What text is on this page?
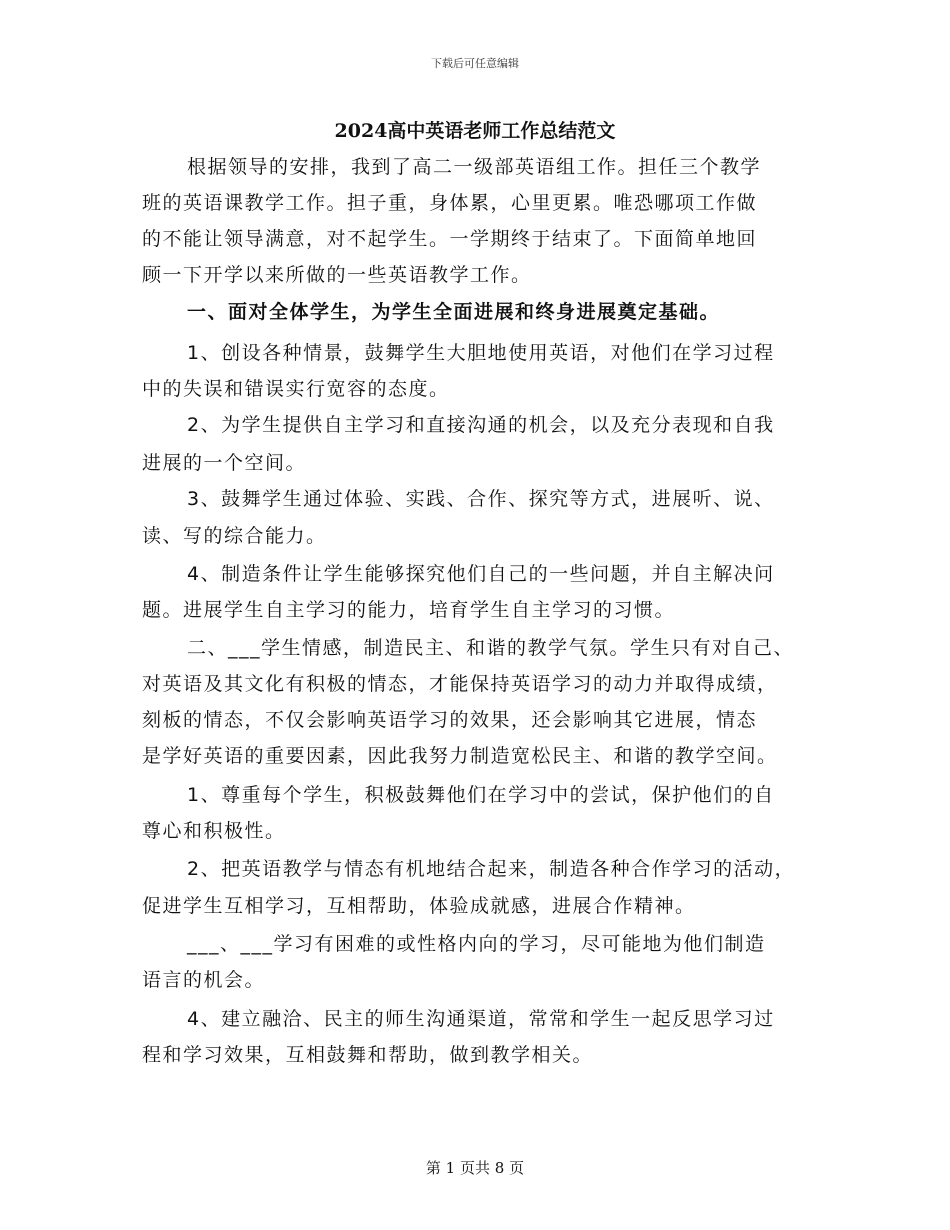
下载后可任意编辑
2024高中英语老师工作总结范文
根据领导的安排，我到了高二一级部英语组工作。担任三个教学
班的英语课教学工作。担子重，身体累，心里更累。唯恐哪项工作做
的不能让领导满意，对不起学生。一学期终于结束了。下面简单地回
顾一下开学以来所做的一些英语教学工作。
一、面对全体学生，为学生全面进展和终身进展奠定基础。
1、创设各种情景，鼓舞学生大胆地使用英语，对他们在学习过程
中的失误和错误实行宽容的态度。
2、为学生提供自主学习和直接沟通的机会，以及充分表现和自我
进展的一个空间。
3、鼓舞学生通过体验、实践、合作、探究等方式，进展听、说、
读、写的综合能力。
4、制造条件让学生能够探究他们自己的一些问题，并自主解决问
题。进展学生自主学习的能力，培育学生自主学习的习惯。
二、___学生情感，制造民主、和谐的教学气氛。学生只有对自己、
对英语及其文化有积极的情态，才能保持英语学习的动力并取得成绩，
刻板的情态，不仅会影响英语学习的效果，还会影响其它进展，情态
是学好英语的重要因素，因此我努力制造宽松民主、和谐的教学空间。
1、尊重每个学生，积极鼓舞他们在学习中的尝试，保护他们的自
尊心和积极性。
2、把英语教学与情态有机地结合起来，制造各种合作学习的活动，
促进学生互相学习，互相帮助，体验成就感，进展合作精神。
___、___学习有困难的或性格内向的学习，尽可能地为他们制造
语言的机会。
4、建立融洽、民主的师生沟通渠道，常常和学生一起反思学习过
程和学习效果，互相鼓舞和帮助，做到教学相关。
第 1 页共 8 页
